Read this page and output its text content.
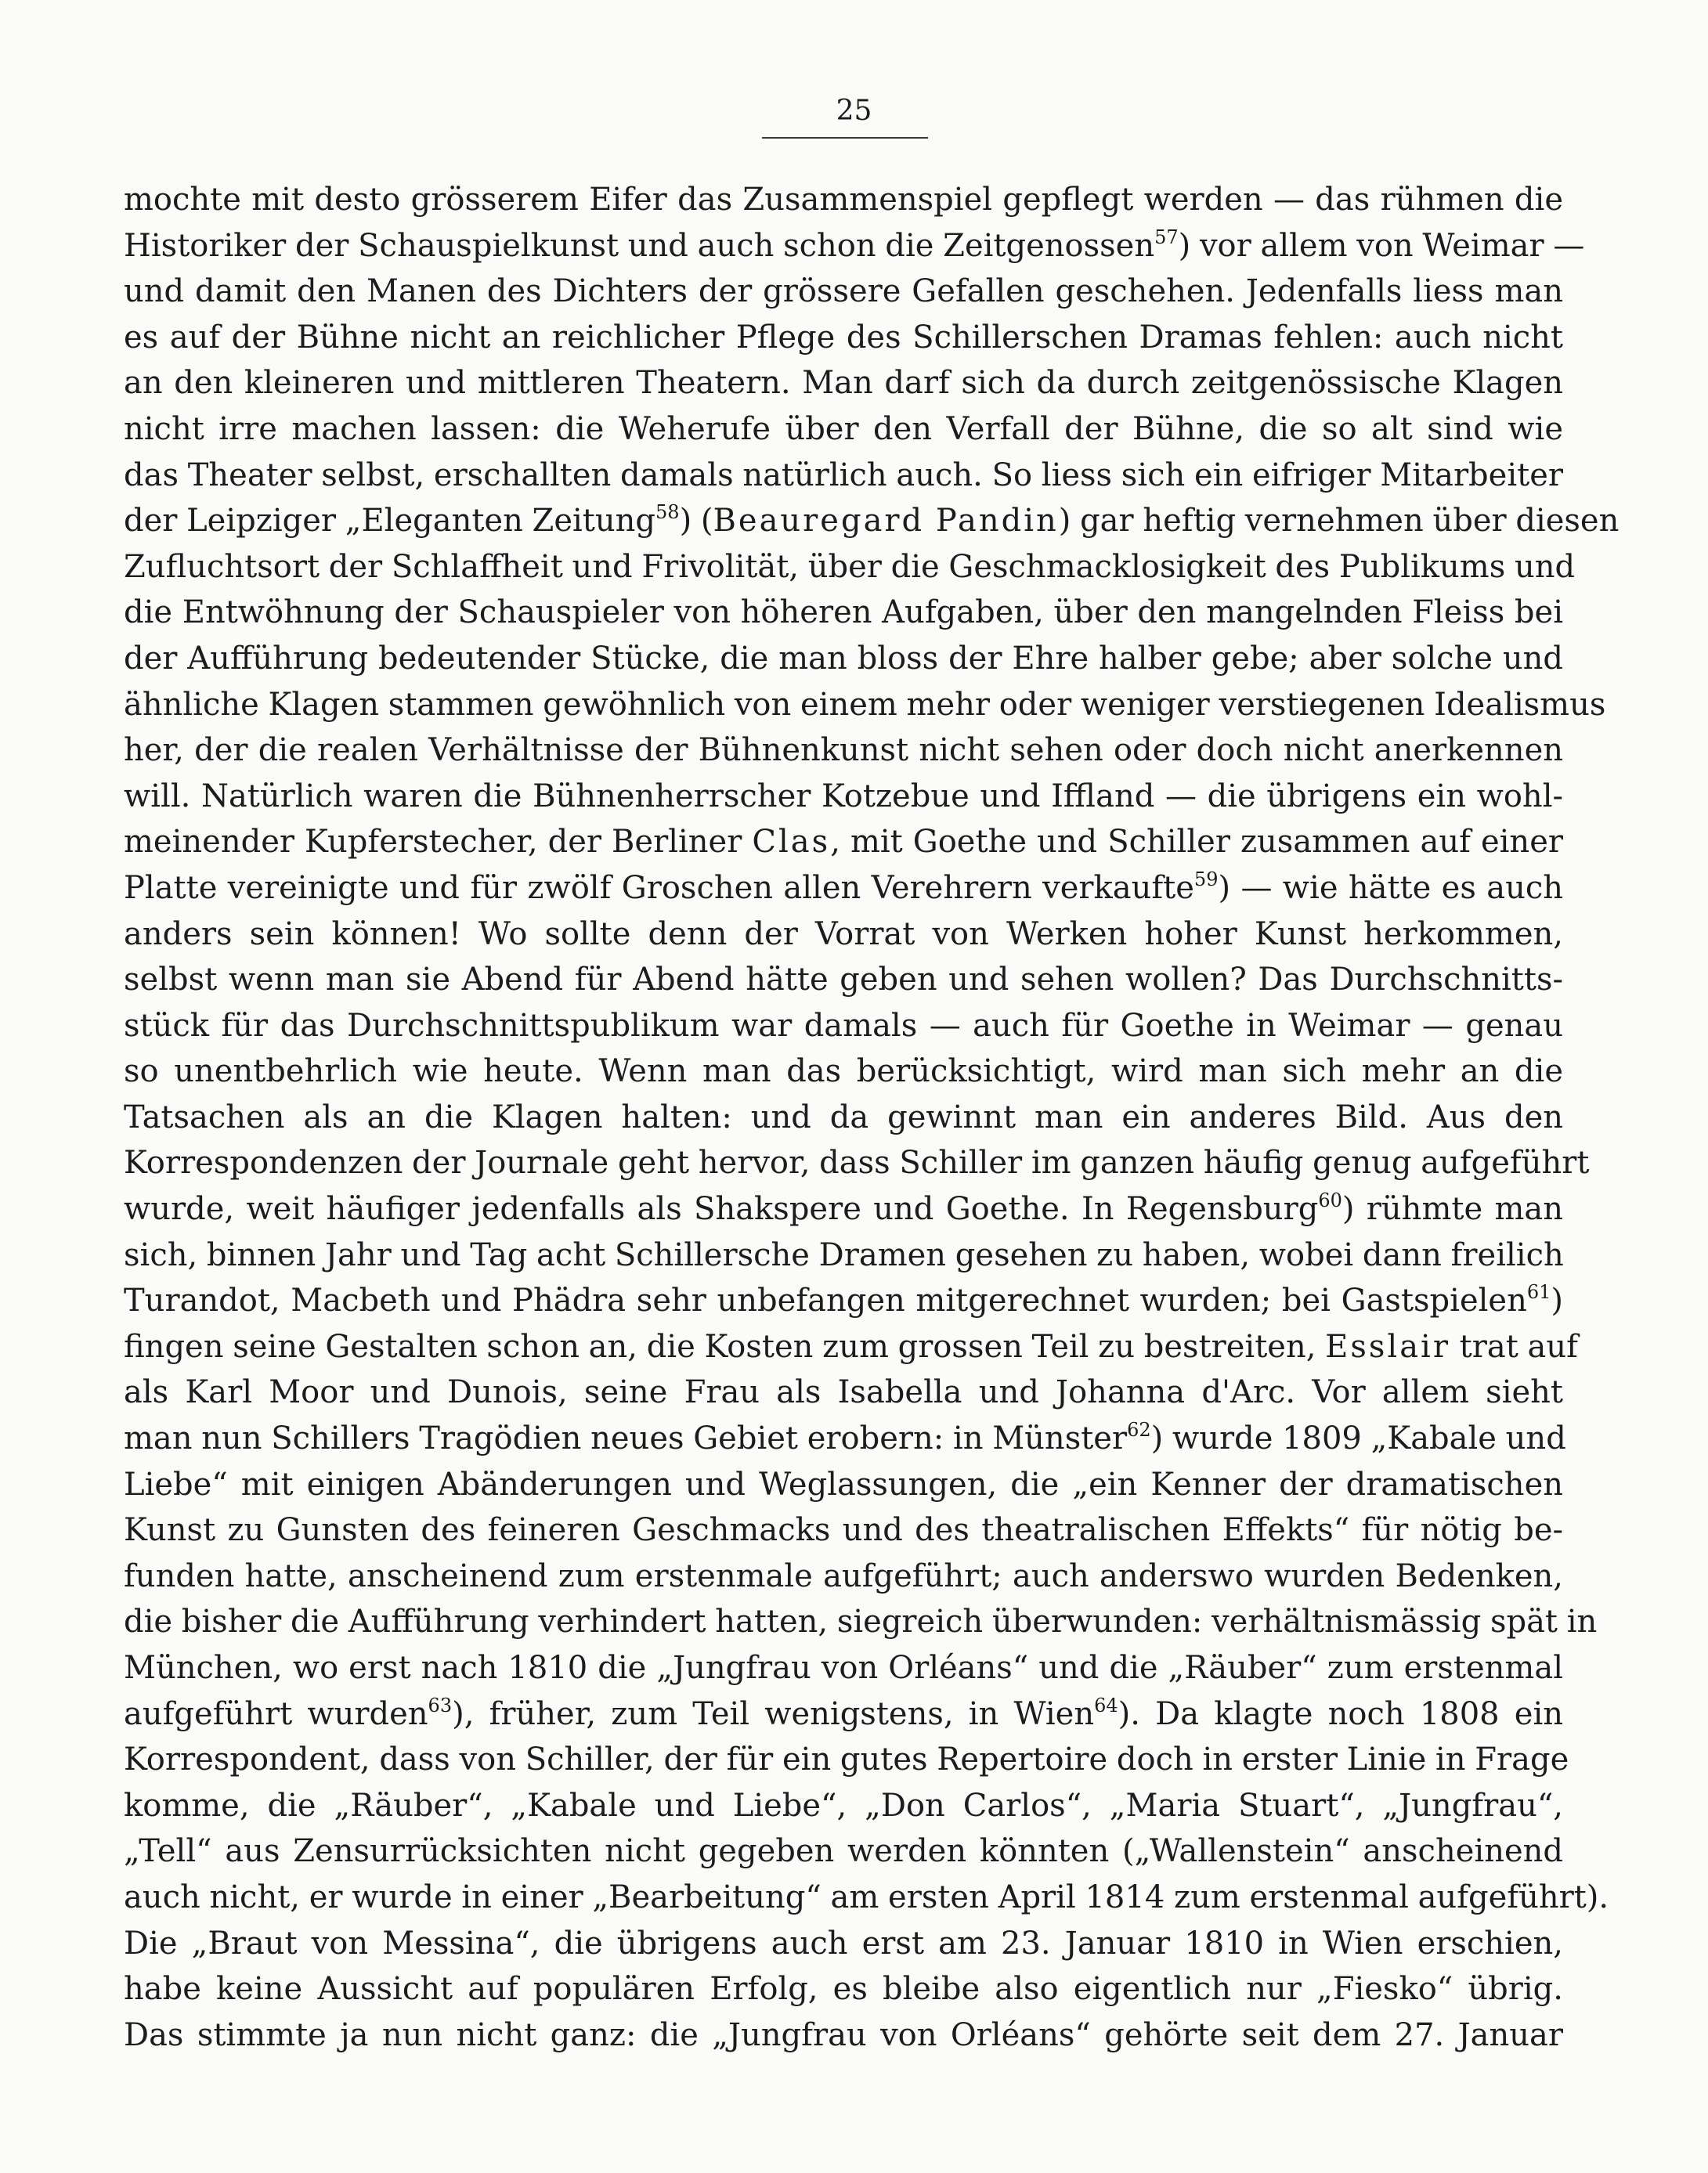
25
mochte mit desto grösserem Eifer das Zusammenspiel gepflegt werden — das rühmen die
Historiker der Schauspielkunst und auch schon die Zeitgenossen$^{57}$) vor allem von Weimar —
und damit den Manen des Dichters der grössere Gefallen geschehen. Jedenfalls liess man
es auf der Bühne nicht an reichlicher Pflege des Schillerschen Dramas fehlen: auch nicht
an den kleineren und mittleren Theatern. Man darf sich da durch zeitgenössische Klagen
nicht irre machen lassen: die Weherufe über den Verfall der Bühne, die so alt sind wie
das Theater selbst, erschallten damals natürlich auch. So liess sich ein eifriger Mitarbeiter
der Leipziger „Eleganten Zeitung$^{58}$) (Beauregard Pandin) gar heftig vernehmen über diesen
Zufluchtsort der Schlaffheit und Frivolität, über die Geschmacklosigkeit des Publikums und
die Entwöhnung der Schauspieler von höheren Aufgaben, über den mangelnden Fleiss bei
der Aufführung bedeutender Stücke, die man bloss der Ehre halber gebe; aber solche und
ähnliche Klagen stammen gewöhnlich von einem mehr oder weniger verstiegenen Idealismus
her, der die realen Verhältnisse der Bühnenkunst nicht sehen oder doch nicht anerkennen
will. Natürlich waren die Bühnenherrscher Kotzebue und Iffland — die übrigens ein wohl-
meinender Kupferstecher, der Berliner Clas, mit Goethe und Schiller zusammen auf einer
Platte vereinigte und für zwölf Groschen allen Verehrern verkaufte$^{59}$) — wie hätte es auch
anders sein können! Wo sollte denn der Vorrat von Werken hoher Kunst herkommen,
selbst wenn man sie Abend für Abend hätte geben und sehen wollen? Das Durchschnitts-
stück für das Durchschnittspublikum war damals — auch für Goethe in Weimar — genau
so unentbehrlich wie heute. Wenn man das berücksichtigt, wird man sich mehr an die
Tatsachen als an die Klagen halten: und da gewinnt man ein anderes Bild. Aus den
Korrespondenzen der Journale geht hervor, dass Schiller im ganzen häufig genug aufgeführt
wurde, weit häufiger jedenfalls als Shakspere und Goethe. In Regensburg$^{60}$) rühmte man
sich, binnen Jahr und Tag acht Schillersche Dramen gesehen zu haben, wobei dann freilich
Turandot, Macbeth und Phädra sehr unbefangen mitgerechnet wurden; bei Gastspielen$^{61}$)
fingen seine Gestalten schon an, die Kosten zum grossen Teil zu bestreiten, Esslair trat auf
als Karl Moor und Dunois, seine Frau als Isabella und Johanna d'Arc. Vor allem sieht
man nun Schillers Tragödien neues Gebiet erobern: in Münster$^{62}$) wurde 1809 „Kabale und
Liebe“ mit einigen Abänderungen und Weglassungen, die „ein Kenner der dramatischen
Kunst zu Gunsten des feineren Geschmacks und des theatralischen Effekts“ für nötig be-
funden hatte, anscheinend zum erstenmale aufgeführt; auch anderswo wurden Bedenken,
die bisher die Aufführung verhindert hatten, siegreich überwunden: verhältnismässig spät in
München, wo erst nach 1810 die „Jungfrau von Orléans“ und die „Räuber“ zum erstenmal
aufgeführt wurden$^{63}$), früher, zum Teil wenigstens, in Wien$^{64}$). Da klagte noch 1808 ein
Korrespondent, dass von Schiller, der für ein gutes Repertoire doch in erster Linie in Frage
komme, die „Räuber“, „Kabale und Liebe“, „Don Carlos“, „Maria Stuart“, „Jungfrau“,
„Tell“ aus Zensurrücksichten nicht gegeben werden könnten („Wallenstein“ anscheinend
auch nicht, er wurde in einer „Bearbeitung“ am ersten April 1814 zum erstenmal aufgeführt).
Die „Braut von Messina“, die übrigens auch erst am 23. Januar 1810 in Wien erschien,
habe keine Aussicht auf populären Erfolg, es bleibe also eigentlich nur „Fiesko“ übrig.
Das stimmte ja nun nicht ganz: die „Jungfrau von Orléans“ gehörte seit dem 27. Januar
